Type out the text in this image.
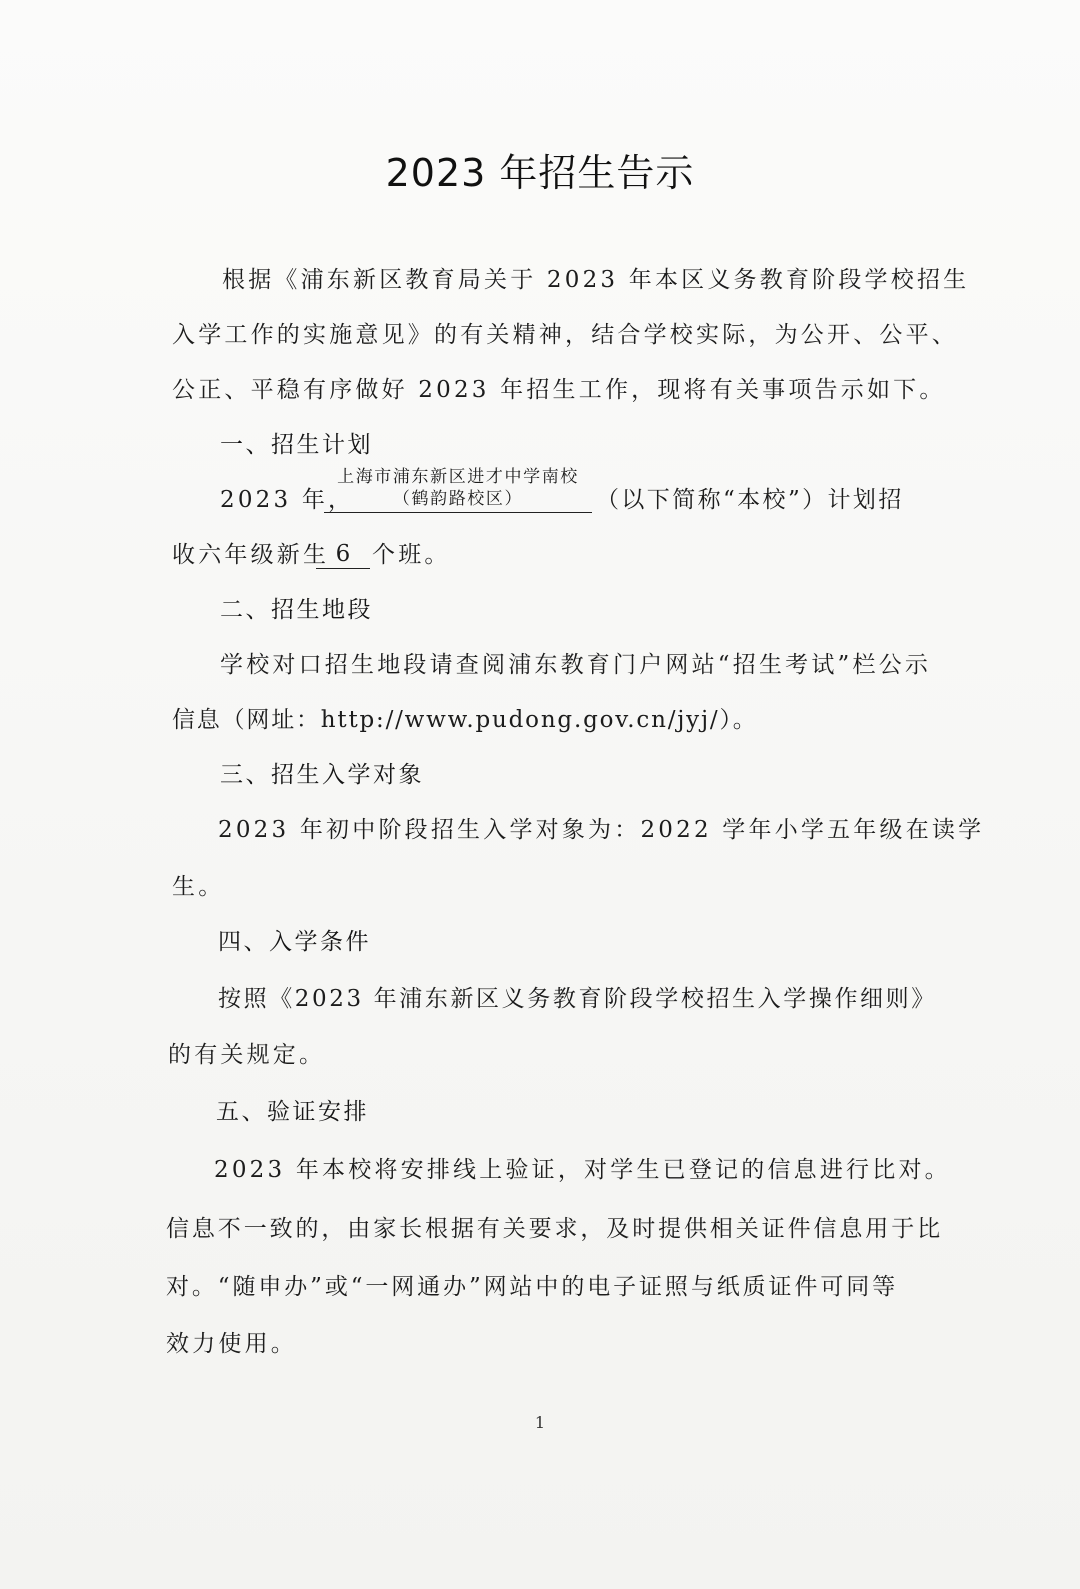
2023 年招生告示
根据《浦东新区教育局关于 2023 年本区义务教育阶段学校招生
入学工作的实施意见》的有关精神，结合学校实际，为公开、公平、
公正、平稳有序做好 2023 年招生工作，现将有关事项告示如下。
一、招生计划
2023 年，
上海市浦东新区进才中学南校
（鹤韵路校区）	（以下简称“本校”）计划招
收六年级新生 6 个班。
二、招生地段
学校对口招生地段请查阅浦东教育门户网站“招生考试”栏公示
信息（网址：http://www.pudong.gov.cn/jyj/）。
三、招生入学对象
2023 年初中阶段招生入学对象为：2022 学年小学五年级在读学
生。
四、入学条件
按照《2023 年浦东新区义务教育阶段学校招生入学操作细则》
的有关规定。
五、验证安排
2023 年本校将安排线上验证，对学生已登记的信息进行比对。
信息不一致的，由家长根据有关要求，及时提供相关证件信息用于比
对。“随申办”或“一网通办”网站中的电子证照与纸质证件可同等
效力使用。
1
